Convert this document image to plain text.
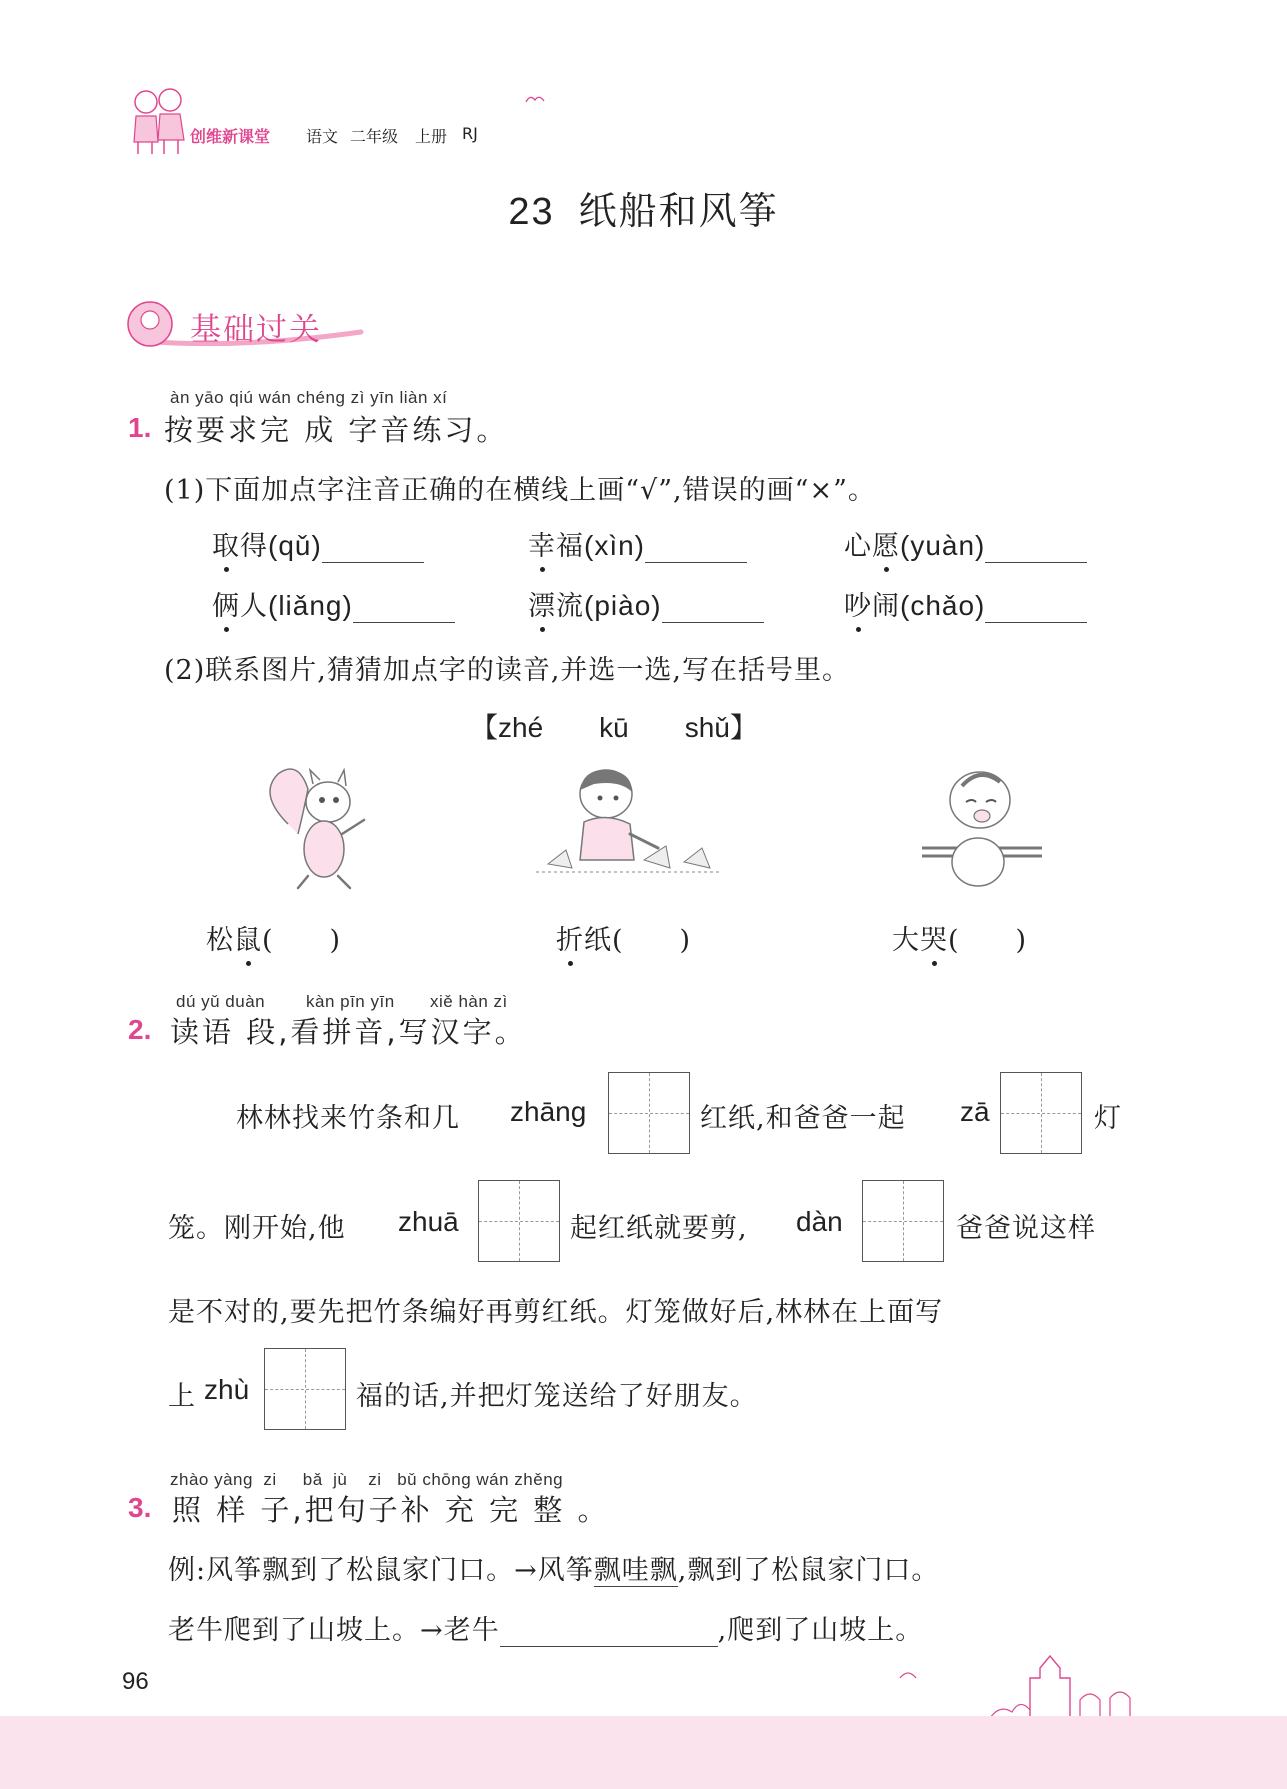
创维新课堂 语文 二年级 上册 RJ
23 纸船和风筝
基础过关
àn yāo qiú wán chéng zì yīn liàn xí
1. 按要求完 成 字音练习。
(1)下面加点字注音正确的在横线上画“√”,错误的画“×”。
取得(qǔ)	幸福(xìn)	心愿(yuàn)
俩人(liǎng)	漂流(piào)	吵闹(chǎo)
(2)联系图片,猜猜加点字的读音,并选一选,写在括号里。
【zhé kū shǔ】
松鼠(　　)	折纸(　　)	大哭(　　)
dú yǔ duàn kàn pīn yīn xiě hàn zì
2. 读语 段,看拼音,写汉字。
林林找来竹条和几 zhāng	红纸,和爸爸一起 zā	灯
笼。刚开始,他 zhuā	起红纸就要剪, dàn	爸爸说这样
是不对的,要先把竹条编好再剪红纸。灯笼做好后,林林在上面写
上 zhù	福的话,并把灯笼送给了好朋友。
zhào yàng  zi     bǎ  jù    zi   bǔ chōng wán zhěng
3. 照 样 子,把句子补 充 完 整 。
例:风筝飘到了松鼠家门口。→风筝飘哇飘,飘到了松鼠家门口。
老牛爬到了山坡上。→老牛	,爬到了山坡上。
96
